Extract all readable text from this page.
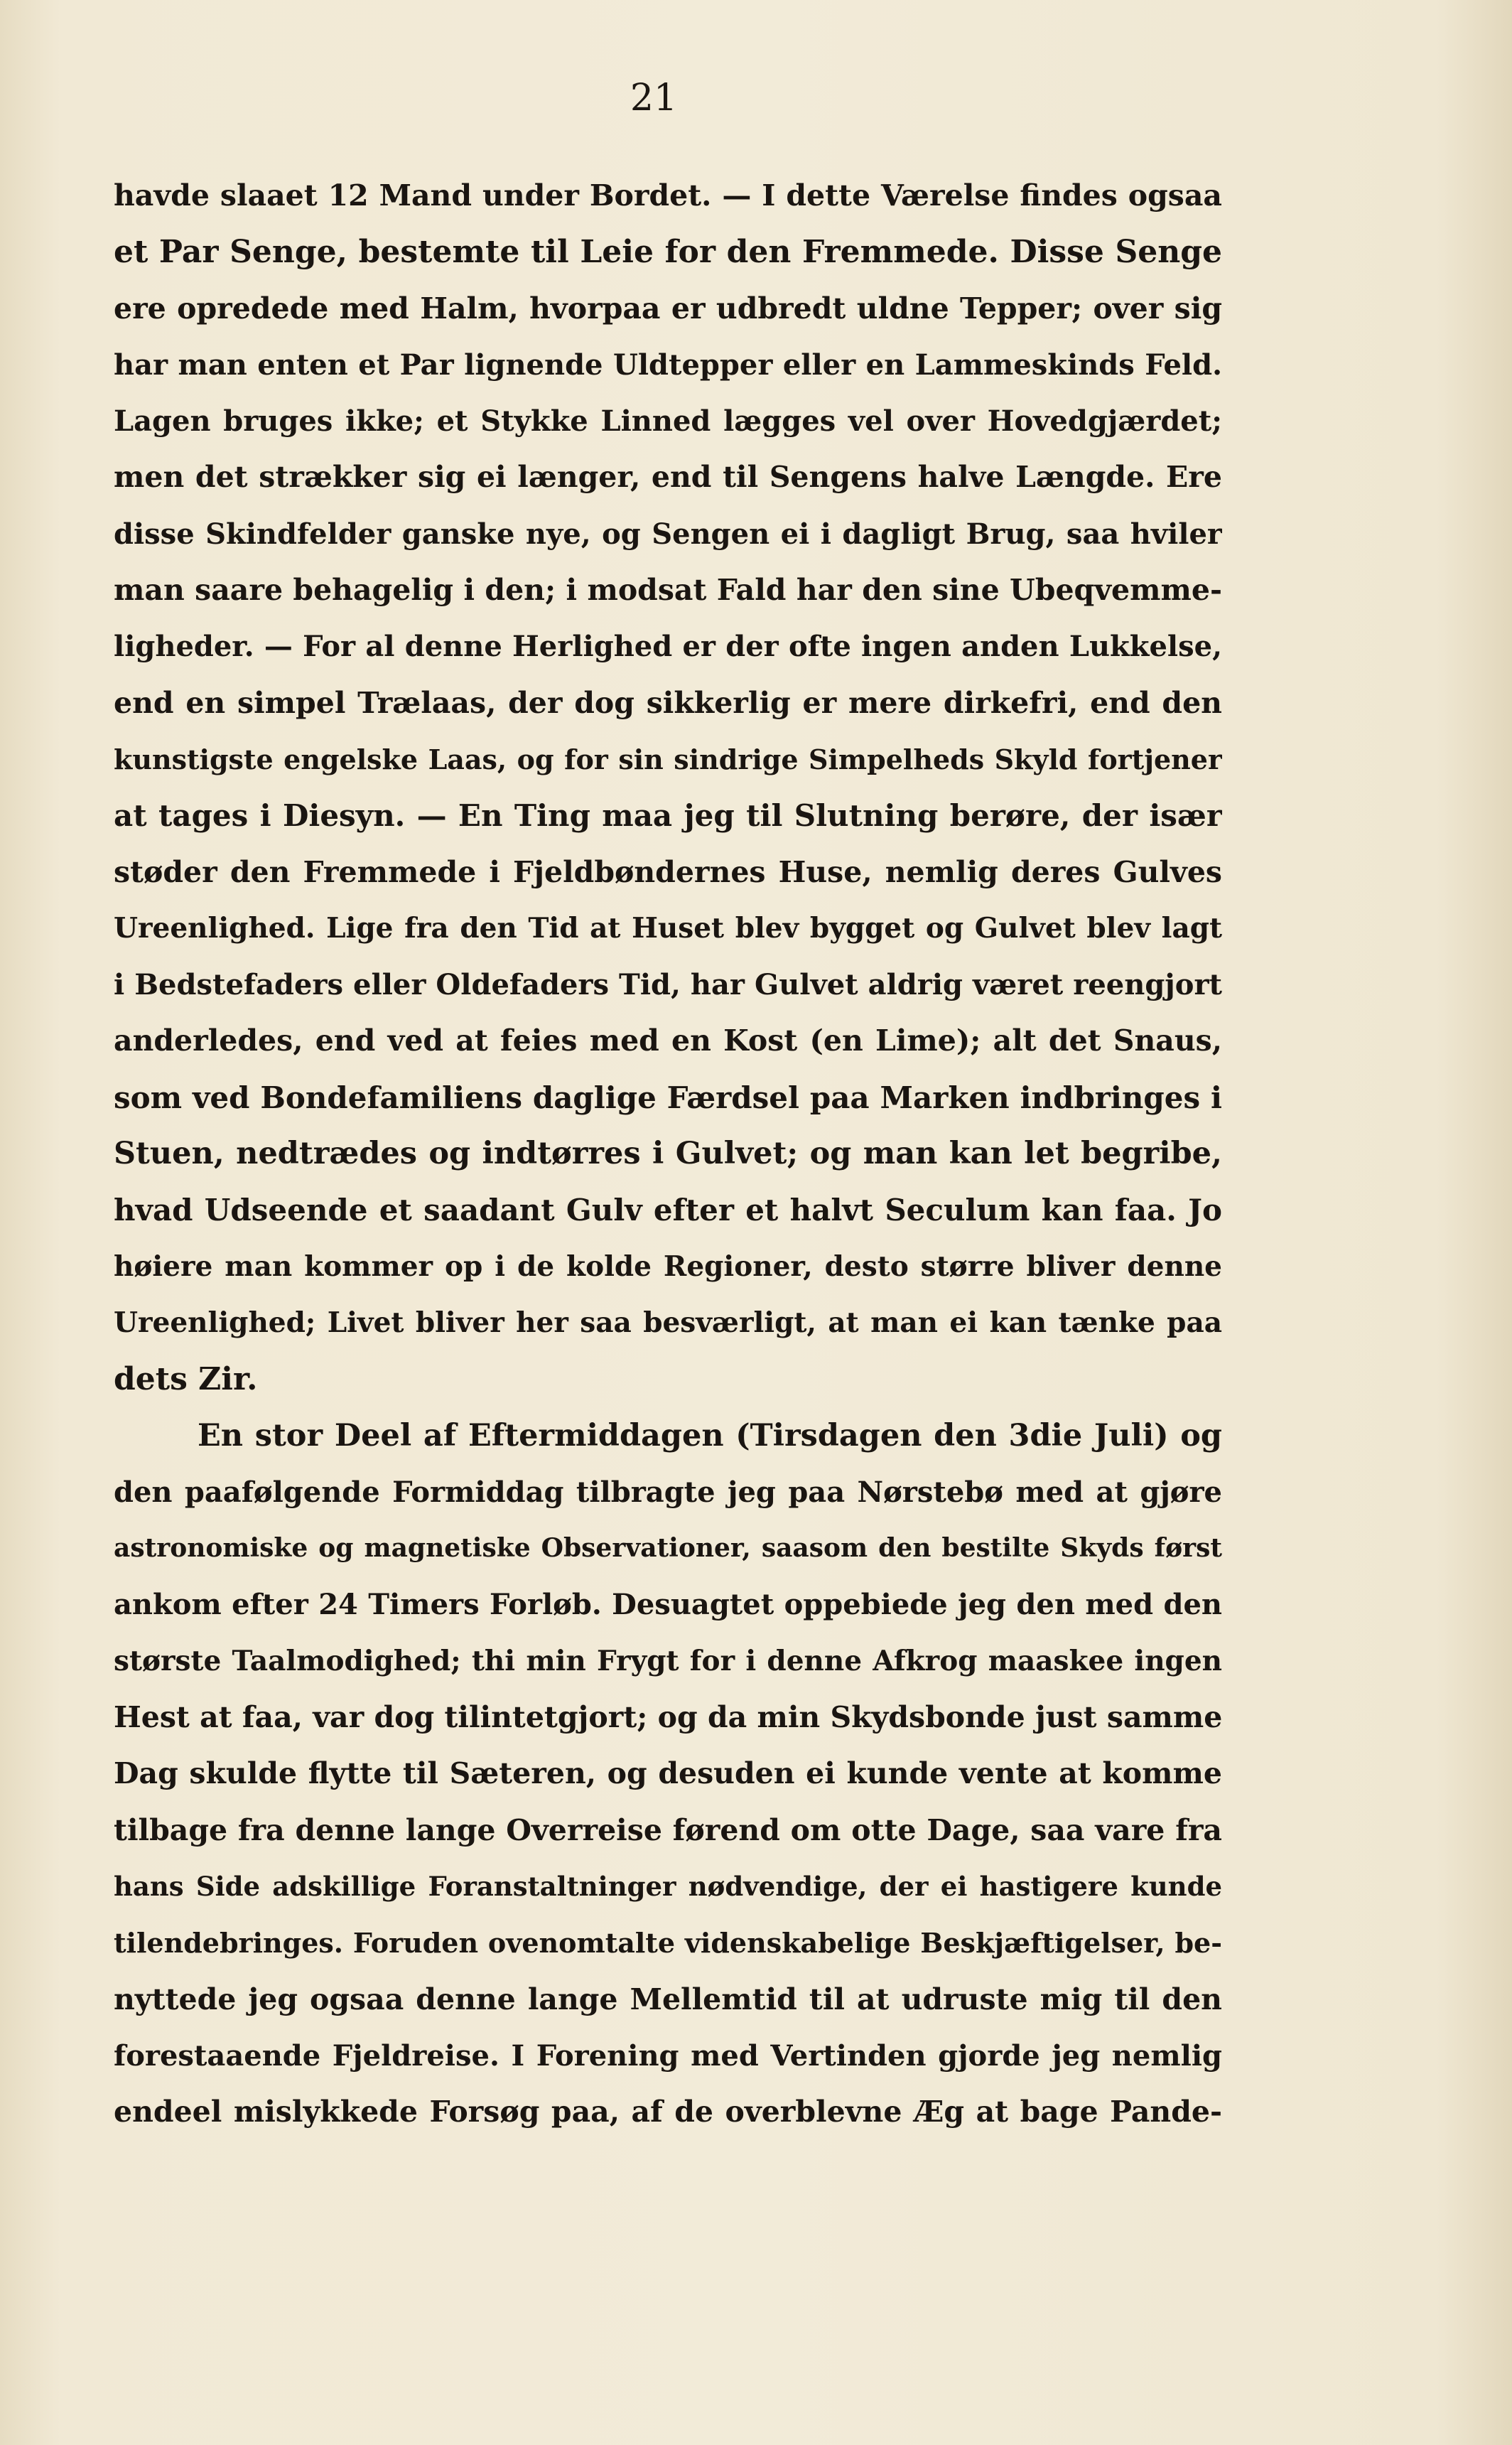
21
havde slaaet 12 Mand under Bordet. — I dette Værelse findes ogsaa
et Par Senge, bestemte til Leie for den Fremmede. Disse Senge
ere opredede med Halm, hvorpaa er udbredt uldne Tepper; over sig
har man enten et Par lignende Uldtepper eller en Lammeskinds Feld.
Lagen bruges ikke; et Stykke Linned lægges vel over Hovedgjærdet;
men det strækker sig ei længer, end til Sengens halve Længde. Ere
disse Skindfelder ganske nye, og Sengen ei i dagligt Brug, saa hviler
man saare behagelig i den; i modsat Fald har den sine Ubeqvemme-
ligheder. — For al denne Herlighed er der ofte ingen anden Lukkelse,
end en simpel Trælaas, der dog sikkerlig er mere dirkefri, end den
kunstigste engelske Laas, og for sin sindrige Simpelheds Skyld fortjener
at tages i Diesyn. — En Ting maa jeg til Slutning berøre, der især
støder den Fremmede i Fjeldbøndernes Huse, nemlig deres Gulves
Ureenlighed. Lige fra den Tid at Huset blev bygget og Gulvet blev lagt
i Bedstefaders eller Oldefaders Tid, har Gulvet aldrig været reengjort
anderledes, end ved at feies med en Kost (en Lime); alt det Snaus,
som ved Bondefamiliens daglige Færdsel paa Marken indbringes i
Stuen, nedtrædes og indtørres i Gulvet; og man kan let begribe,
hvad Udseende et saadant Gulv efter et halvt Seculum kan faa. Jo
høiere man kommer op i de kolde Regioner, desto større bliver denne
Ureenlighed; Livet bliver her saa besværligt, at man ei kan tænke paa
dets Zir.
En stor Deel af Eftermiddagen (Tirsdagen den 3die Juli) og
den paafølgende Formiddag tilbragte jeg paa Nørstebø med at gjøre
astronomiske og magnetiske Observationer, saasom den bestilte Skyds først
ankom efter 24 Timers Forløb. Desuagtet oppebiede jeg den med den
største Taalmodighed; thi min Frygt for i denne Afkrog maaskee ingen
Hest at faa, var dog tilintetgjort; og da min Skydsbonde just samme
Dag skulde flytte til Sæteren, og desuden ei kunde vente at komme
tilbage fra denne lange Overreise førend om otte Dage, saa vare fra
hans Side adskillige Foranstaltninger nødvendige, der ei hastigere kunde
tilendebringes. Foruden ovenomtalte videnskabelige Beskjæftigelser, be-
nyttede jeg ogsaa denne lange Mellemtid til at udruste mig til den
forestaaende Fjeldreise. I Forening med Vertinden gjorde jeg nemlig
endeel mislykkede Forsøg paa, af de overblevne Æg at bage Pande-
